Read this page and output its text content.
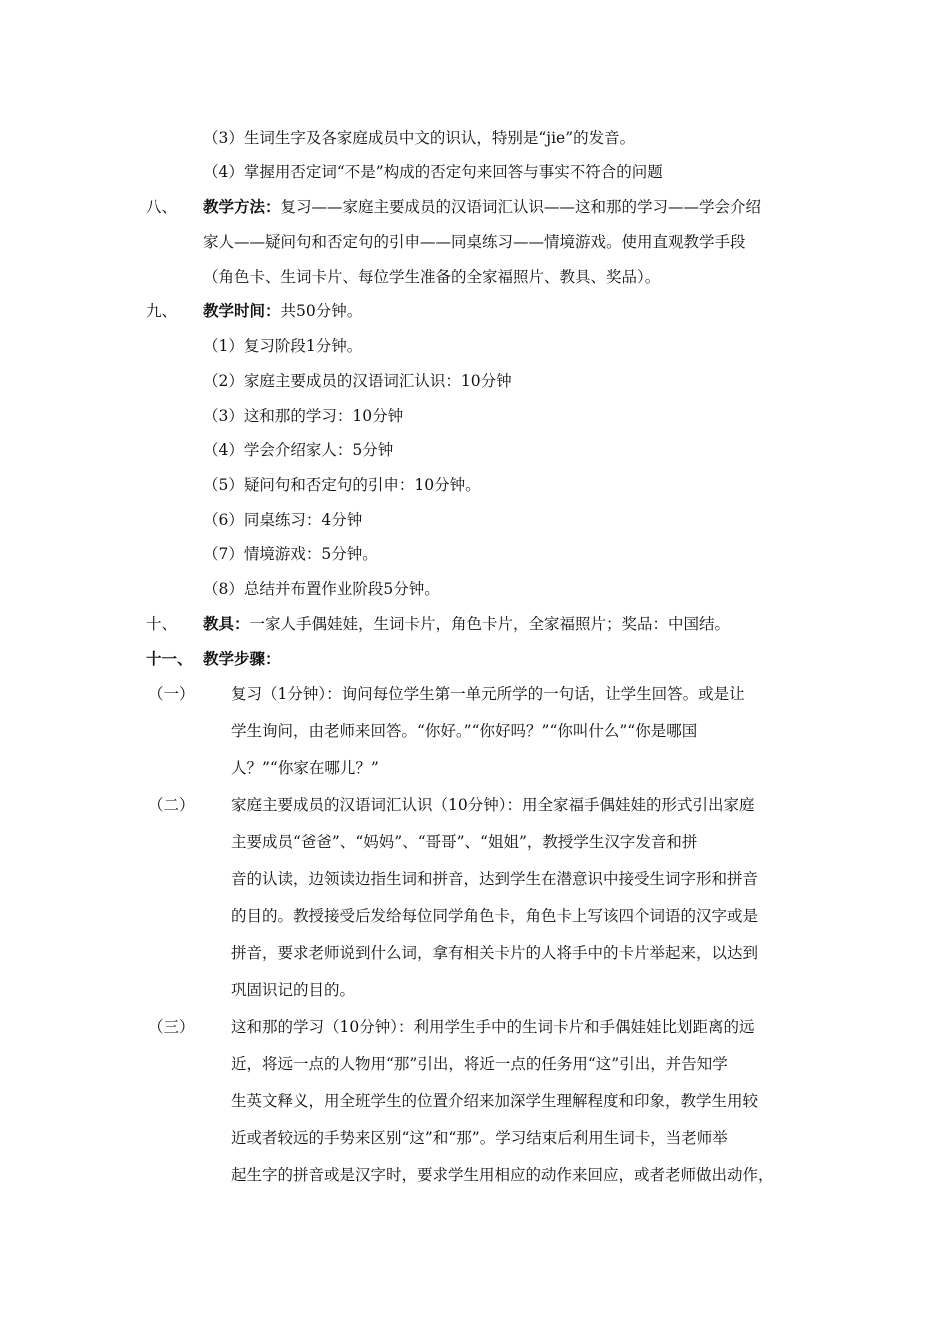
（3）生词生字及各家庭成员中文的识认，特别是“jie”的发音。
（4）掌握用否定词“不是”构成的否定句来回答与事实不符合的问题
八、 教学方法：复习——家庭主要成员的汉语词汇认识——这和那的学习——学会介绍
家人——疑问句和否定句的引申——同桌练习——情境游戏。使用直观教学手段
（角色卡、生词卡片、每位学生准备的全家福照片、教具、奖品）。
九、 教学时间：共50分钟。
（1）复习阶段1分钟。
（2）家庭主要成员的汉语词汇认识：10分钟
（3）这和那的学习：10分钟
（4）学会介绍家人：5分钟
（5）疑问句和否定句的引申：10分钟。
（6）同桌练习：4分钟
（7）情境游戏：5分钟。
（8）总结并布置作业阶段5分钟。
十、 教具：一家人手偶娃娃，生词卡片，角色卡片，全家福照片；奖品：中国结。
十一、 教学步骤：
（一） 复习（1分钟）：询问每位学生第一单元所学的一句话，让学生回答。或是让
学生询问，由老师来回答。“你好。”“你好吗？”“你叫什么”“你是哪国
人？”“你家在哪儿？”
（二） 家庭主要成员的汉语词汇认识（10分钟）：用全家福手偶娃娃的形式引出家庭
主要成员“爸爸”、“妈妈”、“哥哥”、“姐姐”，教授学生汉字发音和拼
音的认读，边领读边指生词和拼音，达到学生在潜意识中接受生词字形和拼音
的目的。教授接受后发给每位同学角色卡，角色卡上写该四个词语的汉字或是
拼音，要求老师说到什么词，拿有相关卡片的人将手中的卡片举起来，以达到
巩固识记的目的。
（三） 这和那的学习（10分钟）：利用学生手中的生词卡片和手偶娃娃比划距离的远
近，将远一点的人物用“那”引出，将近一点的任务用“这”引出，并告知学
生英文释义，用全班学生的位置介绍来加深学生理解程度和印象，教学生用较
近或者较远的手势来区别“这”和“那”。学习结束后利用生词卡，当老师举
起生字的拼音或是汉字时，要求学生用相应的动作来回应，或者老师做出动作，
